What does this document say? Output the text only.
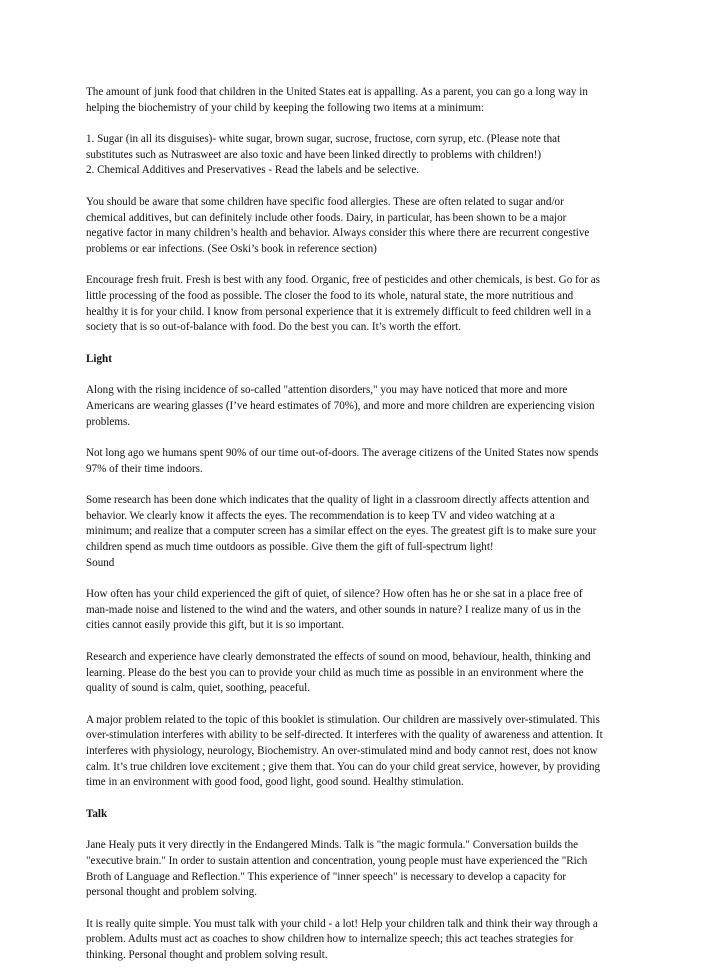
The amount of junk food that children in the United States eat is appalling. As a parent, you can go a long way in
helping the biochemistry of your child by keeping the following two items at a minimum:
1. Sugar (in all its disguises)- white sugar, brown sugar, sucrose, fructose, corn syrup, etc. (Please note that
substitutes such as Nutrasweet are also toxic and have been linked directly to problems with children!)
2. Chemical Additives and Preservatives - Read the labels and be selective.
You should be aware that some children have specific food allergies. These are often related to sugar and/or
chemical additives, but can definitely include other foods. Dairy, in particular, has been shown to be a major
negative factor in many children’s health and behavior. Always consider this where there are recurrent congestive
problems or ear infections. (See Oski’s book in reference section)
Encourage fresh fruit. Fresh is best with any food. Organic, free of pesticides and other chemicals, is best. Go for as
little processing of the food as possible. The closer the food to its whole, natural state, the more nutritious and
healthy it is for your child. I know from personal experience that it is extremely difficult to feed children well in a
society that is so out-of-balance with food. Do the best you can. It’s worth the effort.
Light
Along with the rising incidence of so-called "attention disorders," you may have noticed that more and more
Americans are wearing glasses (I’ve heard estimates of 70%), and more and more children are experiencing vision
problems.
Not long ago we humans spent 90% of our time out-of-doors. The average citizens of the United States now spends
97% of their time indoors.
Some research has been done which indicates that the quality of light in a classroom directly affects attention and
behavior. We clearly know it affects the eyes. The recommendation is to keep TV and video watching at a
minimum; and realize that a computer screen has a similar effect on the eyes. The greatest gift is to make sure your
children spend as much time outdoors as possible. Give them the gift of full-spectrum light!
Sound
How often has your child experienced the gift of quiet, of silence? How often has he or she sat in a place free of
man-made noise and listened to the wind and the waters, and other sounds in nature? I realize many of us in the
cities cannot easily provide this gift, but it is so important.
Research and experience have clearly demonstrated the effects of sound on mood, behaviour, health, thinking and
learning. Please do the best you can to provide your child as much time as possible in an environment where the
quality of sound is calm, quiet, soothing, peaceful.
A major problem related to the topic of this booklet is stimulation. Our children are massively over-stimulated. This
over-stimulation interferes with ability to be self-directed. It interferes with the quality of awareness and attention. It
interferes with physiology, neurology, Biochemistry. An over-stimulated mind and body cannot rest, does not know
calm. It’s true children love excitement ; give them that. You can do your child great service, however, by providing
time in an environment with good food, good light, good sound. Healthy stimulation.
Talk
Jane Healy puts it very directly in the Endangered Minds. Talk is "the magic formula." Conversation builds the
"executive brain." In order to sustain attention and concentration, young people must have experienced the "Rich
Broth of Language and Reflection." This experience of "inner speech" is necessary to develop a capacity for
personal thought and problem solving.
It is really quite simple. You must talk with your child - a lot! Help your children talk and think their way through a
problem. Adults must act as coaches to show children how to internalize speech; this act teaches strategies for
thinking. Personal thought and problem solving result.
